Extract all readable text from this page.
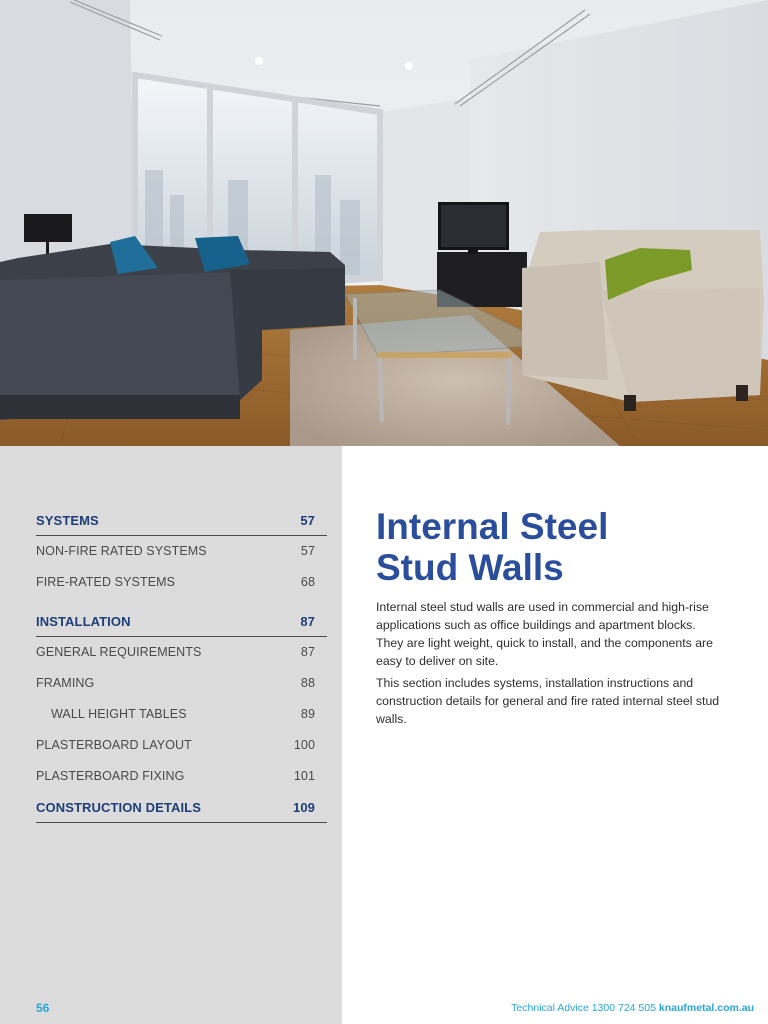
SYSTEMS	57
NON-FIRE RATED SYSTEMS	57
FIRE-RATED SYSTEMS	68
INSTALLATION	87
GENERAL REQUIREMENTS	87
FRAMING	88
WALL HEIGHT TABLES	89
PLASTERBOARD LAYOUT	100
PLASTERBOARD FIXING	101
CONSTRUCTION DETAILS	109
Internal Steel
Stud Walls

Internal steel stud walls are used in commercial and high-rise applications such as office buildings and apartment blocks. They are light weight, quick to install, and the components are easy to deliver on site.

This section includes systems, installation instructions and construction details for general and fire rated internal steel stud walls.

56	Technical Advice 1300 724 505 knaufmetal.com.au
